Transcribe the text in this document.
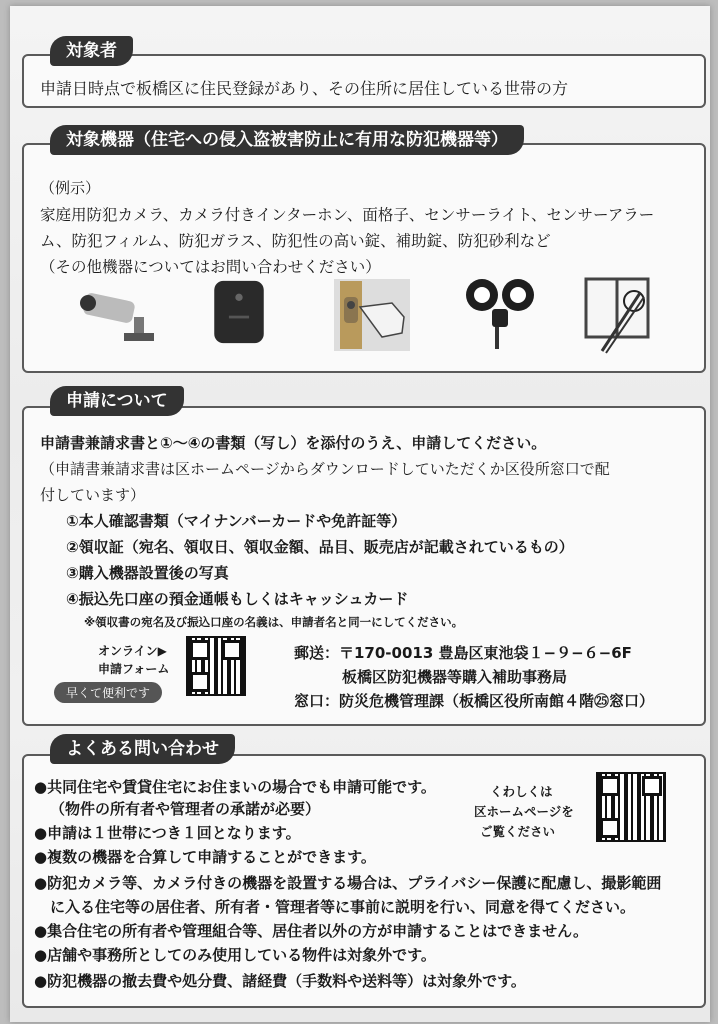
対象者
申請日時点で板橋区に住民登録があり、その住所に居住している世帯の方
対象機器（住宅への侵入盗被害防止に有用な防犯機器等）
（例示）
家庭用防犯カメラ、カメラ付きインターホン、面格子、センサーライト、センサーアラー
ム、防犯フィルム、防犯ガラス、防犯性の高い錠、補助錠、防犯砂利など
（その他機器についてはお問い合わせください）
申請について
申請書兼請求書と①～④の書類（写し）を添付のうえ、申請してください。
（申請書兼請求書は区ホームページからダウンロードしていただくか区役所窓口で配
付しています）
①本人確認書類（マイナンバーカードや免許証等）
②領収証（宛名、領収日、領収金額、品目、販売店が記載されているもの）
③購入機器設置後の写真
④振込先口座の預金通帳もしくはキャッシュカード
※領収書の宛名及び振込口座の名義は、申請者名と同一にしてください。
オンライン▶
申請フォーム
早くて便利です
郵送：〒170-0013 豊島区東池袋１−９−６−6F
板橋区防犯機器等購入補助事務局
窓口：防災危機管理課（板橋区役所南館４階㉕窓口）
よくある問い合わせ
●共同住宅や賃貸住宅にお住まいの場合でも申請可能です。
（物件の所有者や管理者の承諾が必要）
●申請は１世帯につき１回となります。
●複数の機器を合算して申請することができます。
●防犯カメラ等、カメラ付きの機器を設置する場合は、プライバシー保護に配慮し、撮影範囲
に入る住宅等の居住者、所有者・管理者等に事前に説明を行い、同意を得てください。
●集合住宅の所有者や管理組合等、居住者以外の方が申請することはできません。
●店舗や事務所としてのみ使用している物件は対象外です。
●防犯機器の撤去費や処分費、諸経費（手数料や送料等）は対象外です。
くわしくは
区ホームページを
ご覧ください
